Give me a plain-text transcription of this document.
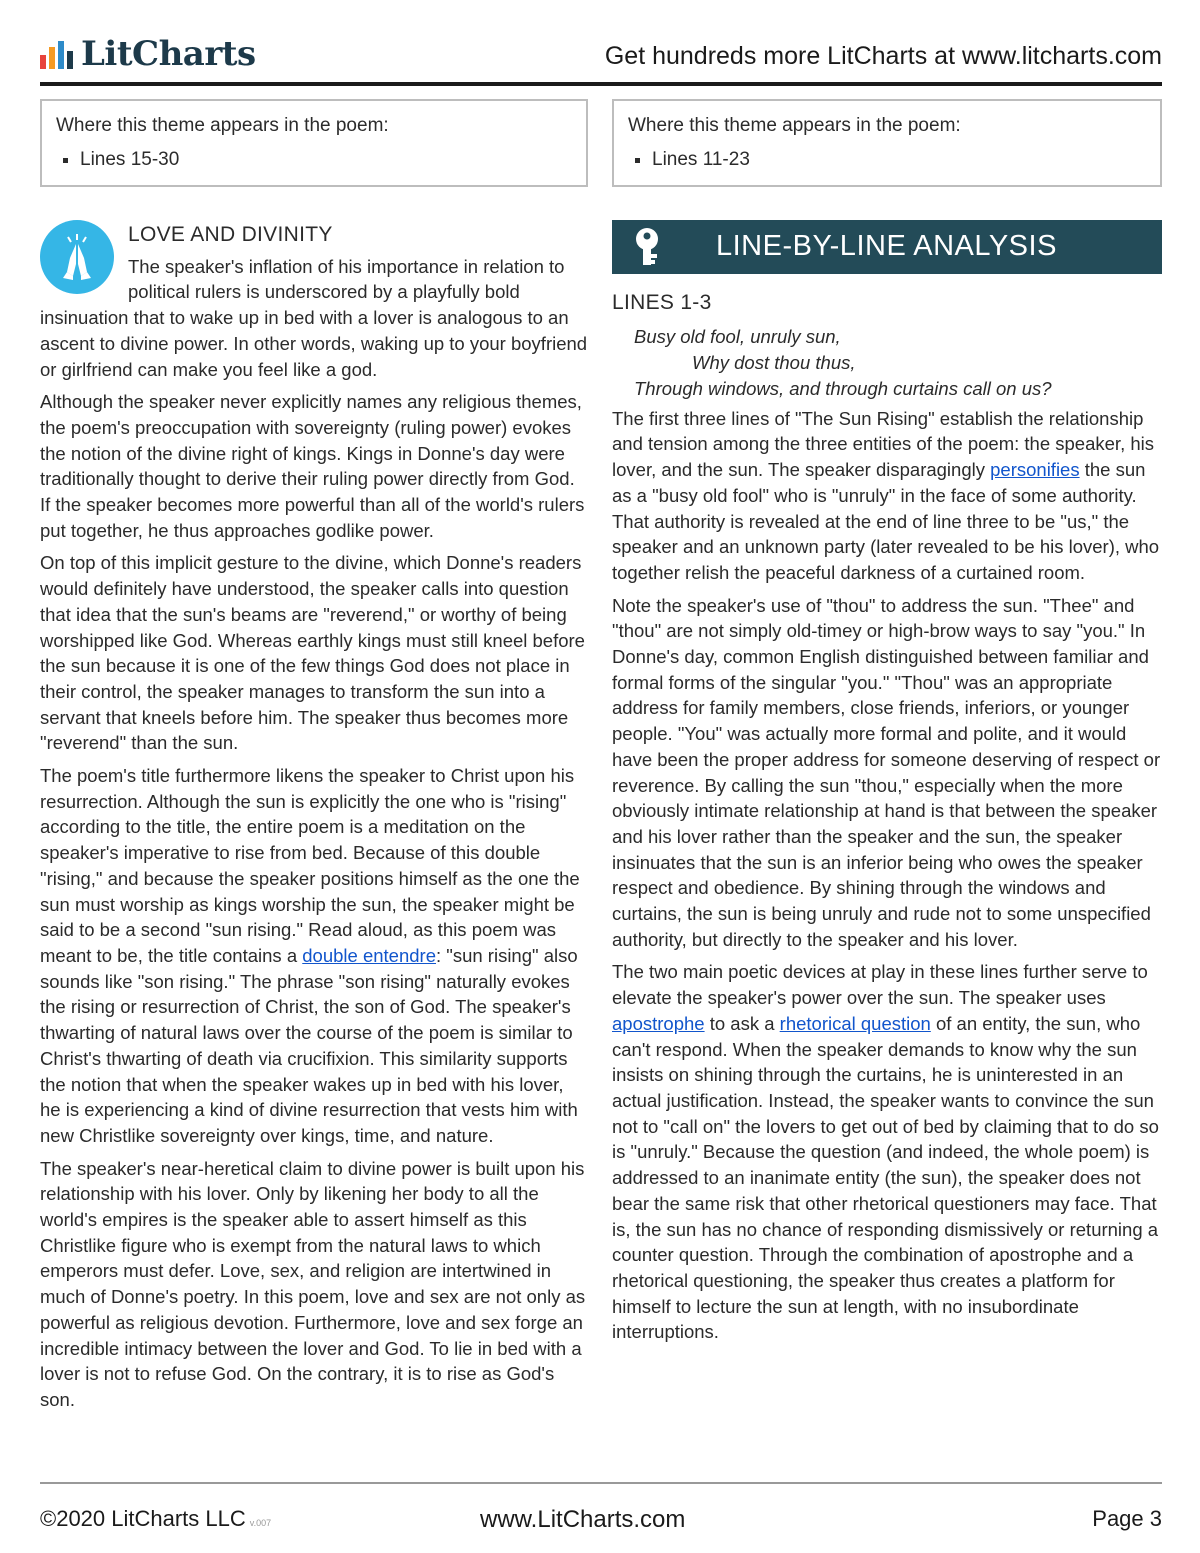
LitCharts	Get hundreds more LitCharts at www.litcharts.com
Where this theme appears in the poem:
▪ Lines 15-30
Where this theme appears in the poem:
▪ Lines 11-23
LOVE AND DIVINITY

The speaker's inflation of his importance in relation to political rulers is underscored by a playfully bold insinuation that to wake up in bed with a lover is analogous to an ascent to divine power. In other words, waking up to your boyfriend or girlfriend can make you feel like a god.

Although the speaker never explicitly names any religious themes, the poem's preoccupation with sovereignty (ruling power) evokes the notion of the divine right of kings. Kings in Donne's day were traditionally thought to derive their ruling power directly from God. If the speaker becomes more powerful than all of the world's rulers put together, he thus approaches godlike power.

On top of this implicit gesture to the divine, which Donne's readers would definitely have understood, the speaker calls into question that idea that the sun's beams are "reverend," or worthy of being worshipped like God. Whereas earthly kings must still kneel before the sun because it is one of the few things God does not place in their control, the speaker manages to transform the sun into a servant that kneels before him. The speaker thus becomes more "reverend" than the sun.

The poem's title furthermore likens the speaker to Christ upon his resurrection. Although the sun is explicitly the one who is "rising" according to the title, the entire poem is a meditation on the speaker's imperative to rise from bed. Because of this double "rising," and because the speaker positions himself as the one the sun must worship as kings worship the sun, the speaker might be said to be a second "sun rising." Read aloud, as this poem was meant to be, the title contains a double entendre: "sun rising" also sounds like "son rising." The phrase "son rising" naturally evokes the rising or resurrection of Christ, the son of God. The speaker's thwarting of natural laws over the course of the poem is similar to Christ's thwarting of death via crucifixion. This similarity supports the notion that when the speaker wakes up in bed with his lover, he is experiencing a kind of divine resurrection that vests him with new Christlike sovereignty over kings, time, and nature.

The speaker's near-heretical claim to divine power is built upon his relationship with his lover. Only by likening her body to all the world's empires is the speaker able to assert himself as this Christlike figure who is exempt from the natural laws to which emperors must defer. Love, sex, and religion are intertwined in much of Donne's poetry. In this poem, love and sex are not only as powerful as religious devotion. Furthermore, love and sex forge an incredible intimacy between the lover and God. To lie in bed with a lover is not to refuse God. On the contrary, it is to rise as God's son.

LINE-BY-LINE ANALYSIS
LINES 1-3
Busy old fool, unruly sun,
Why dost thou thus,
Through windows, and through curtains call on us?

The first three lines of "The Sun Rising" establish the relationship and tension among the three entities of the poem: the speaker, his lover, and the sun. The speaker disparagingly personifies the sun as a "busy old fool" who is "unruly" in the face of some authority. That authority is revealed at the end of line three to be "us," the speaker and an unknown party (later revealed to be his lover), who together relish the peaceful darkness of a curtained room.

Note the speaker's use of "thou" to address the sun. "Thee" and "thou" are not simply old-timey or high-brow ways to say "you." In Donne's day, common English distinguished between familiar and formal forms of the singular "you." "Thou" was an appropriate address for family members, close friends, inferiors, or younger people. "You" was actually more formal and polite, and it would have been the proper address for someone deserving of respect or reverence. By calling the sun "thou," especially when the more obviously intimate relationship at hand is that between the speaker and his lover rather than the speaker and the sun, the speaker insinuates that the sun is an inferior being who owes the speaker respect and obedience. By shining through the windows and curtains, the sun is being unruly and rude not to some unspecified authority, but directly to the speaker and his lover.

The two main poetic devices at play in these lines further serve to elevate the speaker's power over the sun. The speaker uses apostrophe to ask a rhetorical question of an entity, the sun, who can't respond. When the speaker demands to know why the sun insists on shining through the curtains, he is uninterested in an actual justification. Instead, the speaker wants to convince the sun not to "call on" the lovers to get out of bed by claiming that to do so is "unruly." Because the question (and indeed, the whole poem) is addressed to an inanimate entity (the sun), the speaker does not bear the same risk that other rhetorical questioners may face. That is, the sun has no chance of responding dismissively or returning a counter question. Through the combination of apostrophe and a rhetorical questioning, the speaker thus creates a platform for himself to lecture the sun at length, with no insubordinate interruptions.

©2020 LitCharts LLC v.007	www.LitCharts.com	Page 3
